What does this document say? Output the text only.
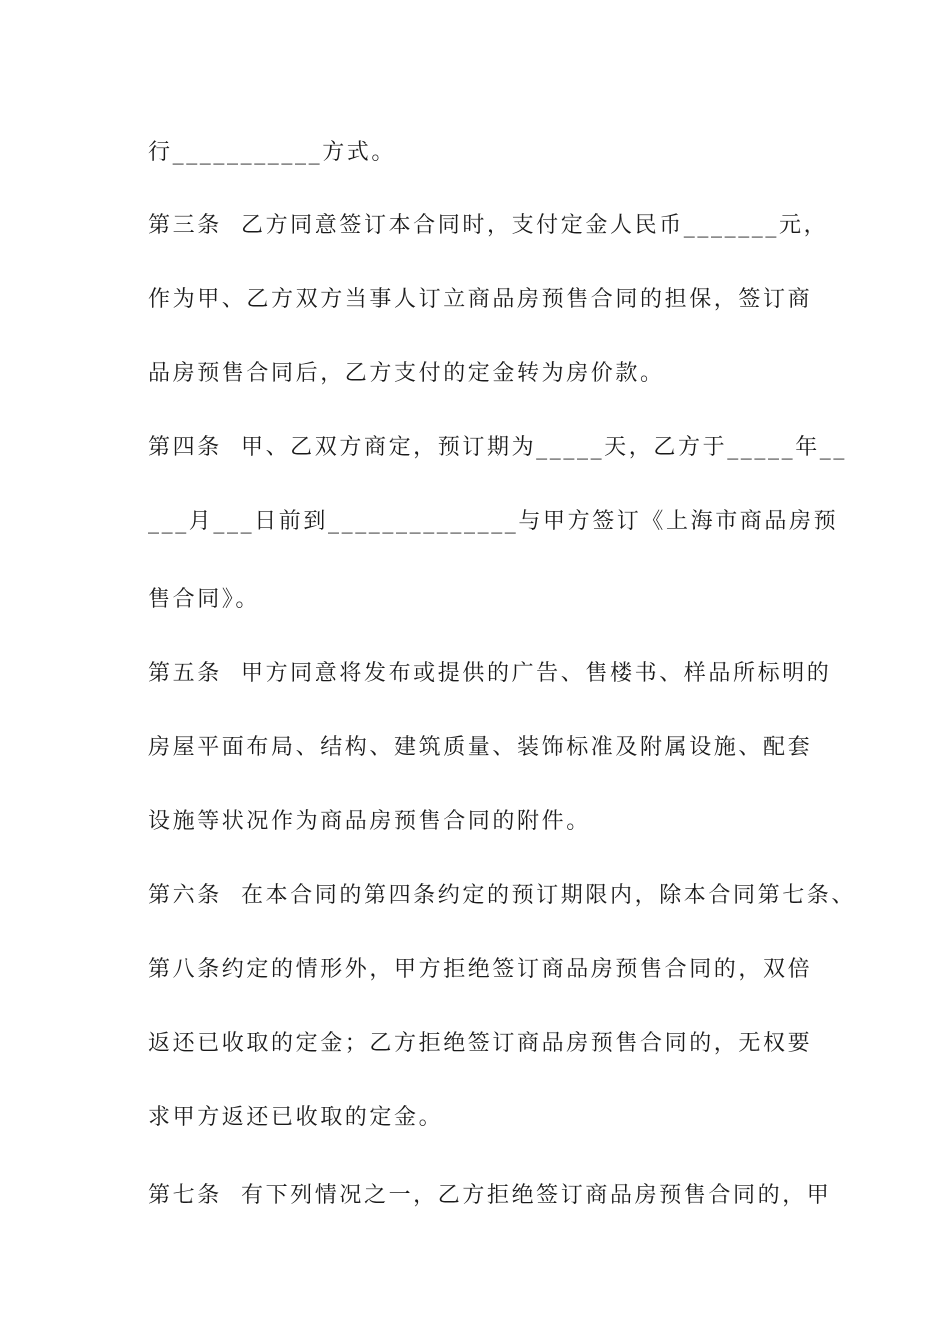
行___________方式。
第三条  乙方同意签订本合同时，支付定金人民币_______元，
作为甲、乙方双方当事人订立商品房预售合同的担保，签订商
品房预售合同后，乙方支付的定金转为房价款。
第四条  甲、乙双方商定，预订期为_____天，乙方于_____年__
___月___日前到______________与甲方签订《上海市商品房预
售合同》。
第五条  甲方同意将发布或提供的广告、售楼书、样品所标明的
房屋平面布局、结构、建筑质量、装饰标准及附属设施、配套
设施等状况作为商品房预售合同的附件。
第六条  在本合同的第四条约定的预订期限内，除本合同第七条、
第八条约定的情形外，甲方拒绝签订商品房预售合同的，双倍
返还已收取的定金；乙方拒绝签订商品房预售合同的，无权要
求甲方返还已收取的定金。
第七条  有下列情况之一，乙方拒绝签订商品房预售合同的，甲
